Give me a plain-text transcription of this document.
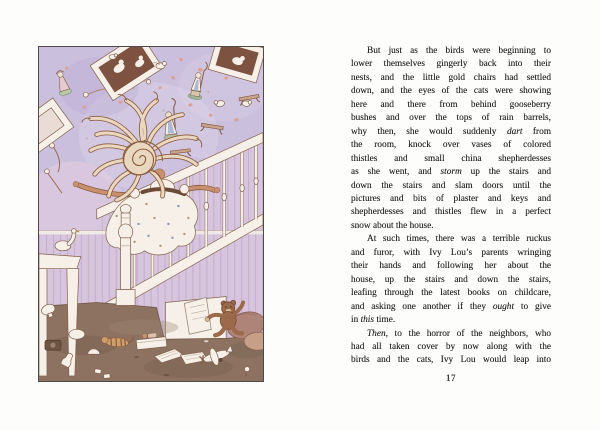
But just as the birds were beginning to
lower themselves gingerly back into their
nests, and the little gold chairs had settled
down, and the eyes of the cats were showing
here and there from behind gooseberry
bushes and over the tops of rain barrels,
why then, she would suddenly dart from
the room, knock over vases of colored
thistles and small china shepherdesses
as she went, and storm up the stairs and
down the stairs and slam doors until the
pictures and bits of plaster and keys and
shepherdesses and thistles flew in a perfect
snow about the house.
At such times, there was a terrible ruckus
and furor, with Ivy Lou’s parents wringing
their hands and following her about the
house, up the stairs and down the stairs,
leafing through the latest books on childcare,
and asking one another if they ought to give
in this time.
Then, to the horror of the neighbors, who
had all taken cover by now along with the
birds and the cats, Ivy Lou would leap into
17
